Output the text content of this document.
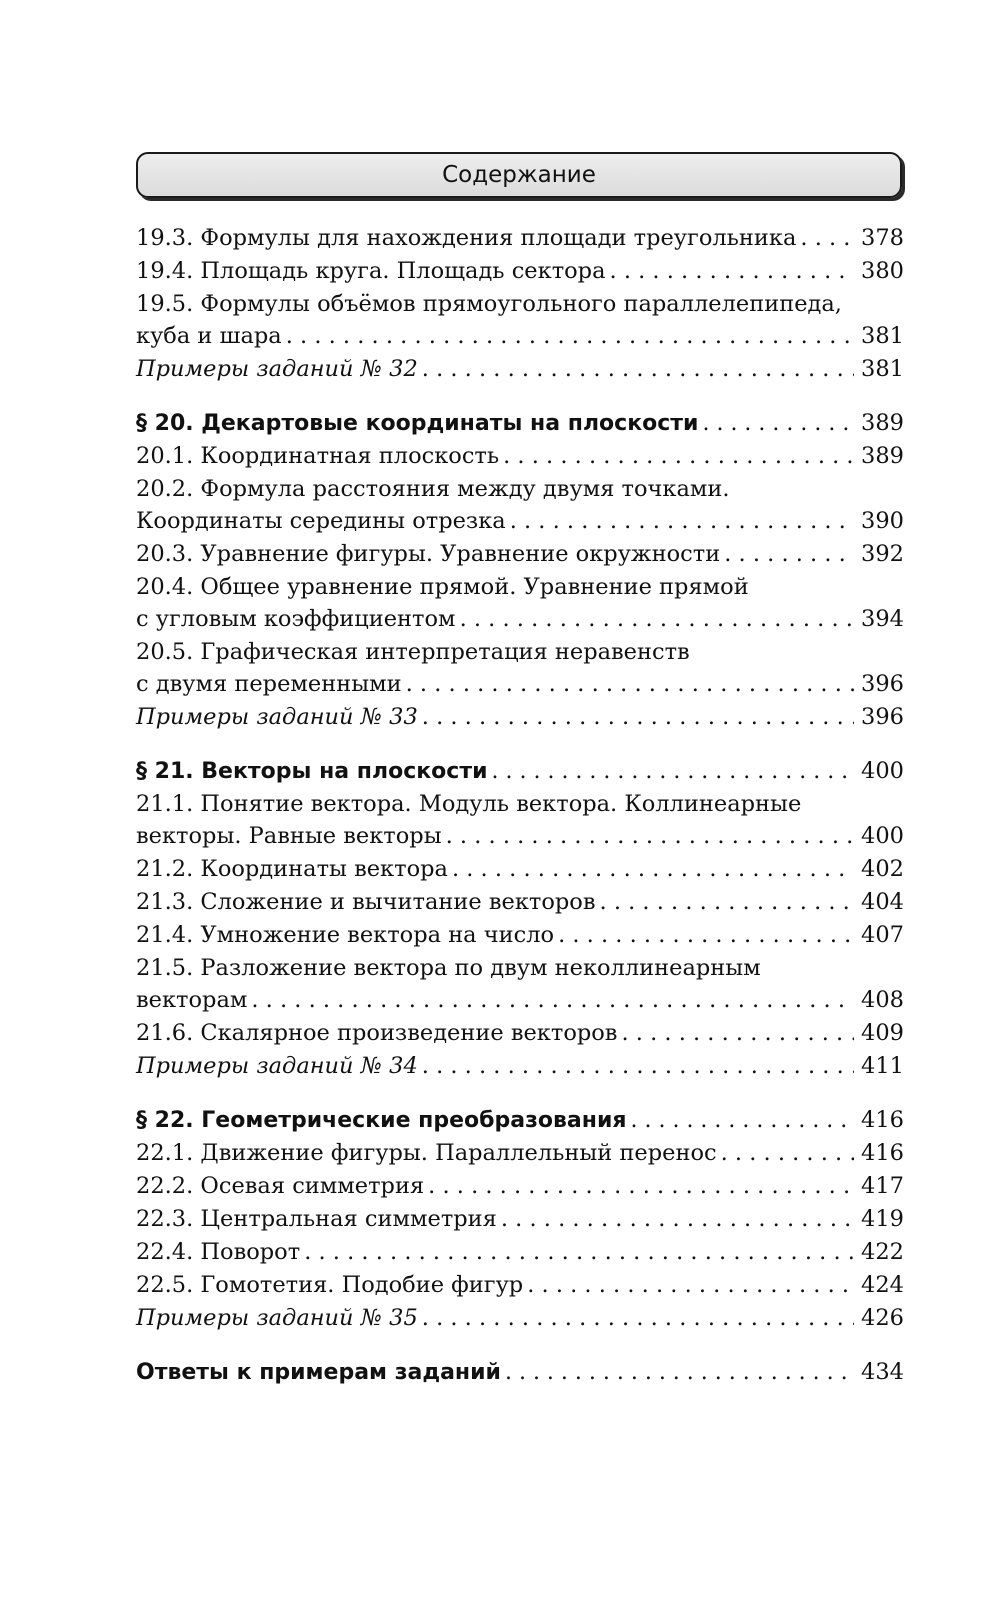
Содержание
19.3. Формулы для нахождения площади треугольника . . .	378
19.4. Площадь круга. Площадь сектора . . .	380
19.5. Формулы объёмов прямоугольного параллелепипеда,
куба и шара . . .	381
Примеры заданий № 32 . . .	381
§ 20. Декартовые координаты на плоскости . . .	389
20.1. Координатная плоскость . . .	389
20.2. Формула расстояния между двумя точками.
Координаты середины отрезка . . .	390
20.3. Уравнение фигуры. Уравнение окружности . . .	392
20.4. Общее уравнение прямой. Уравнение прямой
с угловым коэффициентом . . .	394
20.5. Графическая интерпретация неравенств
с двумя переменными . . .	396
Примеры заданий № 33 . . .	396
§ 21. Векторы на плоскости . . .	400
21.1. Понятие вектора. Модуль вектора. Коллинеарные
векторы. Равные векторы . . .	400
21.2. Координаты вектора . . .	402
21.3. Сложение и вычитание векторов . . .	404
21.4. Умножение вектора на число . . .	407
21.5. Разложение вектора по двум неколлинеарным
векторам . . .	408
21.6. Скалярное произведение векторов . . .	409
Примеры заданий № 34 . . .	411
§ 22. Геометрические преобразования . . .	416
22.1. Движение фигуры. Параллельный перенос . . .	416
22.2. Осевая симметрия . . .	417
22.3. Центральная симметрия . . .	419
22.4. Поворот . . .	422
22.5. Гомотетия. Подобие фигур . . .	424
Примеры заданий № 35 . . .	426
Ответы к примерам заданий . . .	434
